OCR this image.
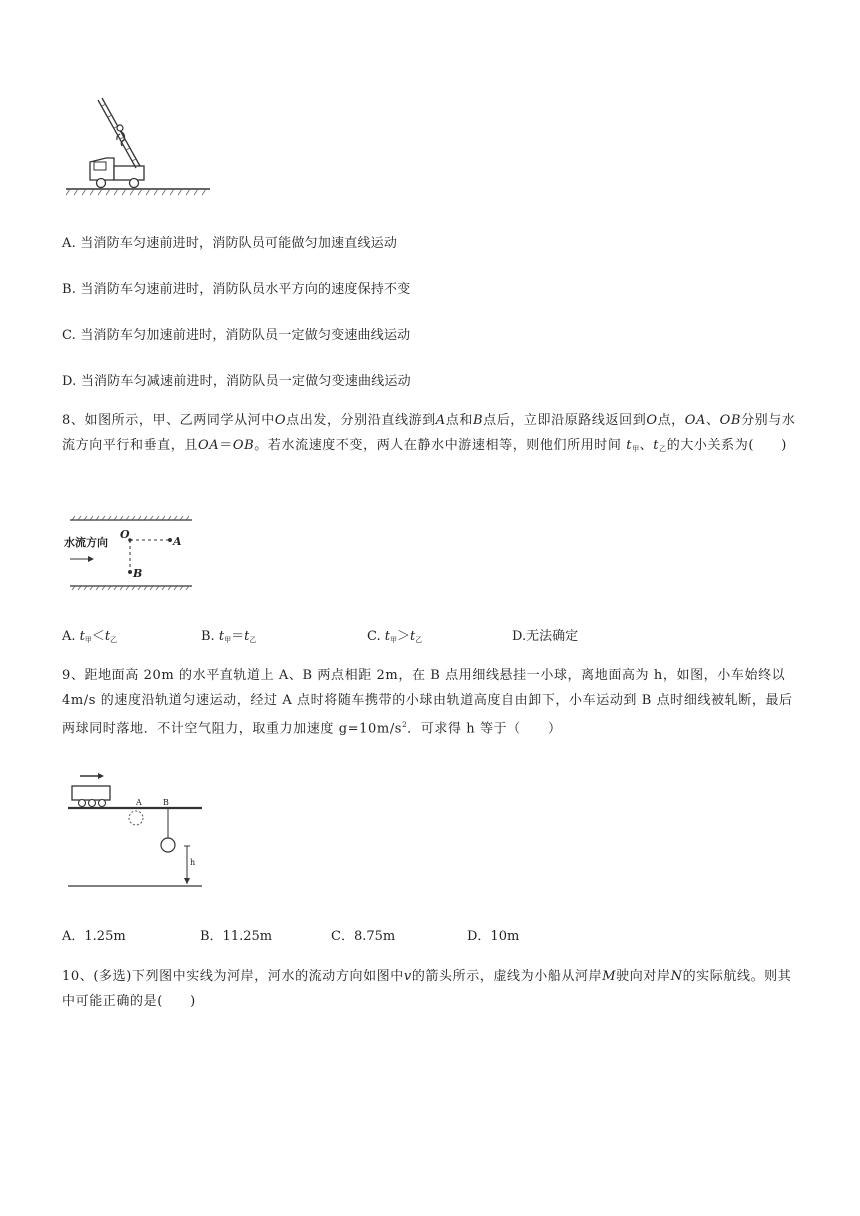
A. 当消防车匀速前进时，消防队员可能做匀加速直线运动
B. 当消防车匀速前进时，消防队员水平方向的速度保持不变
C. 当消防车匀加速前进时，消防队员一定做匀变速曲线运动
D. 当消防车匀减速前进时，消防队员一定做匀变速曲线运动
8、如图所示，甲、乙两同学从河中O点出发，分别沿直线游到A点和B点后，立即沿原路线返回到O点，OA、OB分别与水流方向平行和垂直，且OA＝OB。若水流速度不变，两人在静水中游速相等，则他们所用时间 t甲、t乙的大小关系为(　　)
水流方向
O
A
B
A. t甲＜t乙	B. t甲＝t乙	C. t甲＞t乙	D.无法确定
9、距地面高 20m 的水平直轨道上 A、B 两点相距 2m，在 B 点用细线悬挂一小球，离地面高为 h，如图，小车始终以 4m/s 的速度沿轨道匀速运动，经过 A 点时将随车携带的小球由轨道高度自由卸下，小车运动到 B 点时细线被轧断，最后两球同时落地．不计空气阻力，取重力加速度 $g=10m/s^2$．可求得 h 等于（　　）
A	B
h
A．1.25m	B．11.25m	C．8.75m	D．10m
10、(多选)下列图中实线为河岸，河水的流动方向如图中v的箭头所示，虚线为小船从河岸M驶向对岸N的实际航线。则其中可能正确的是(　　)
